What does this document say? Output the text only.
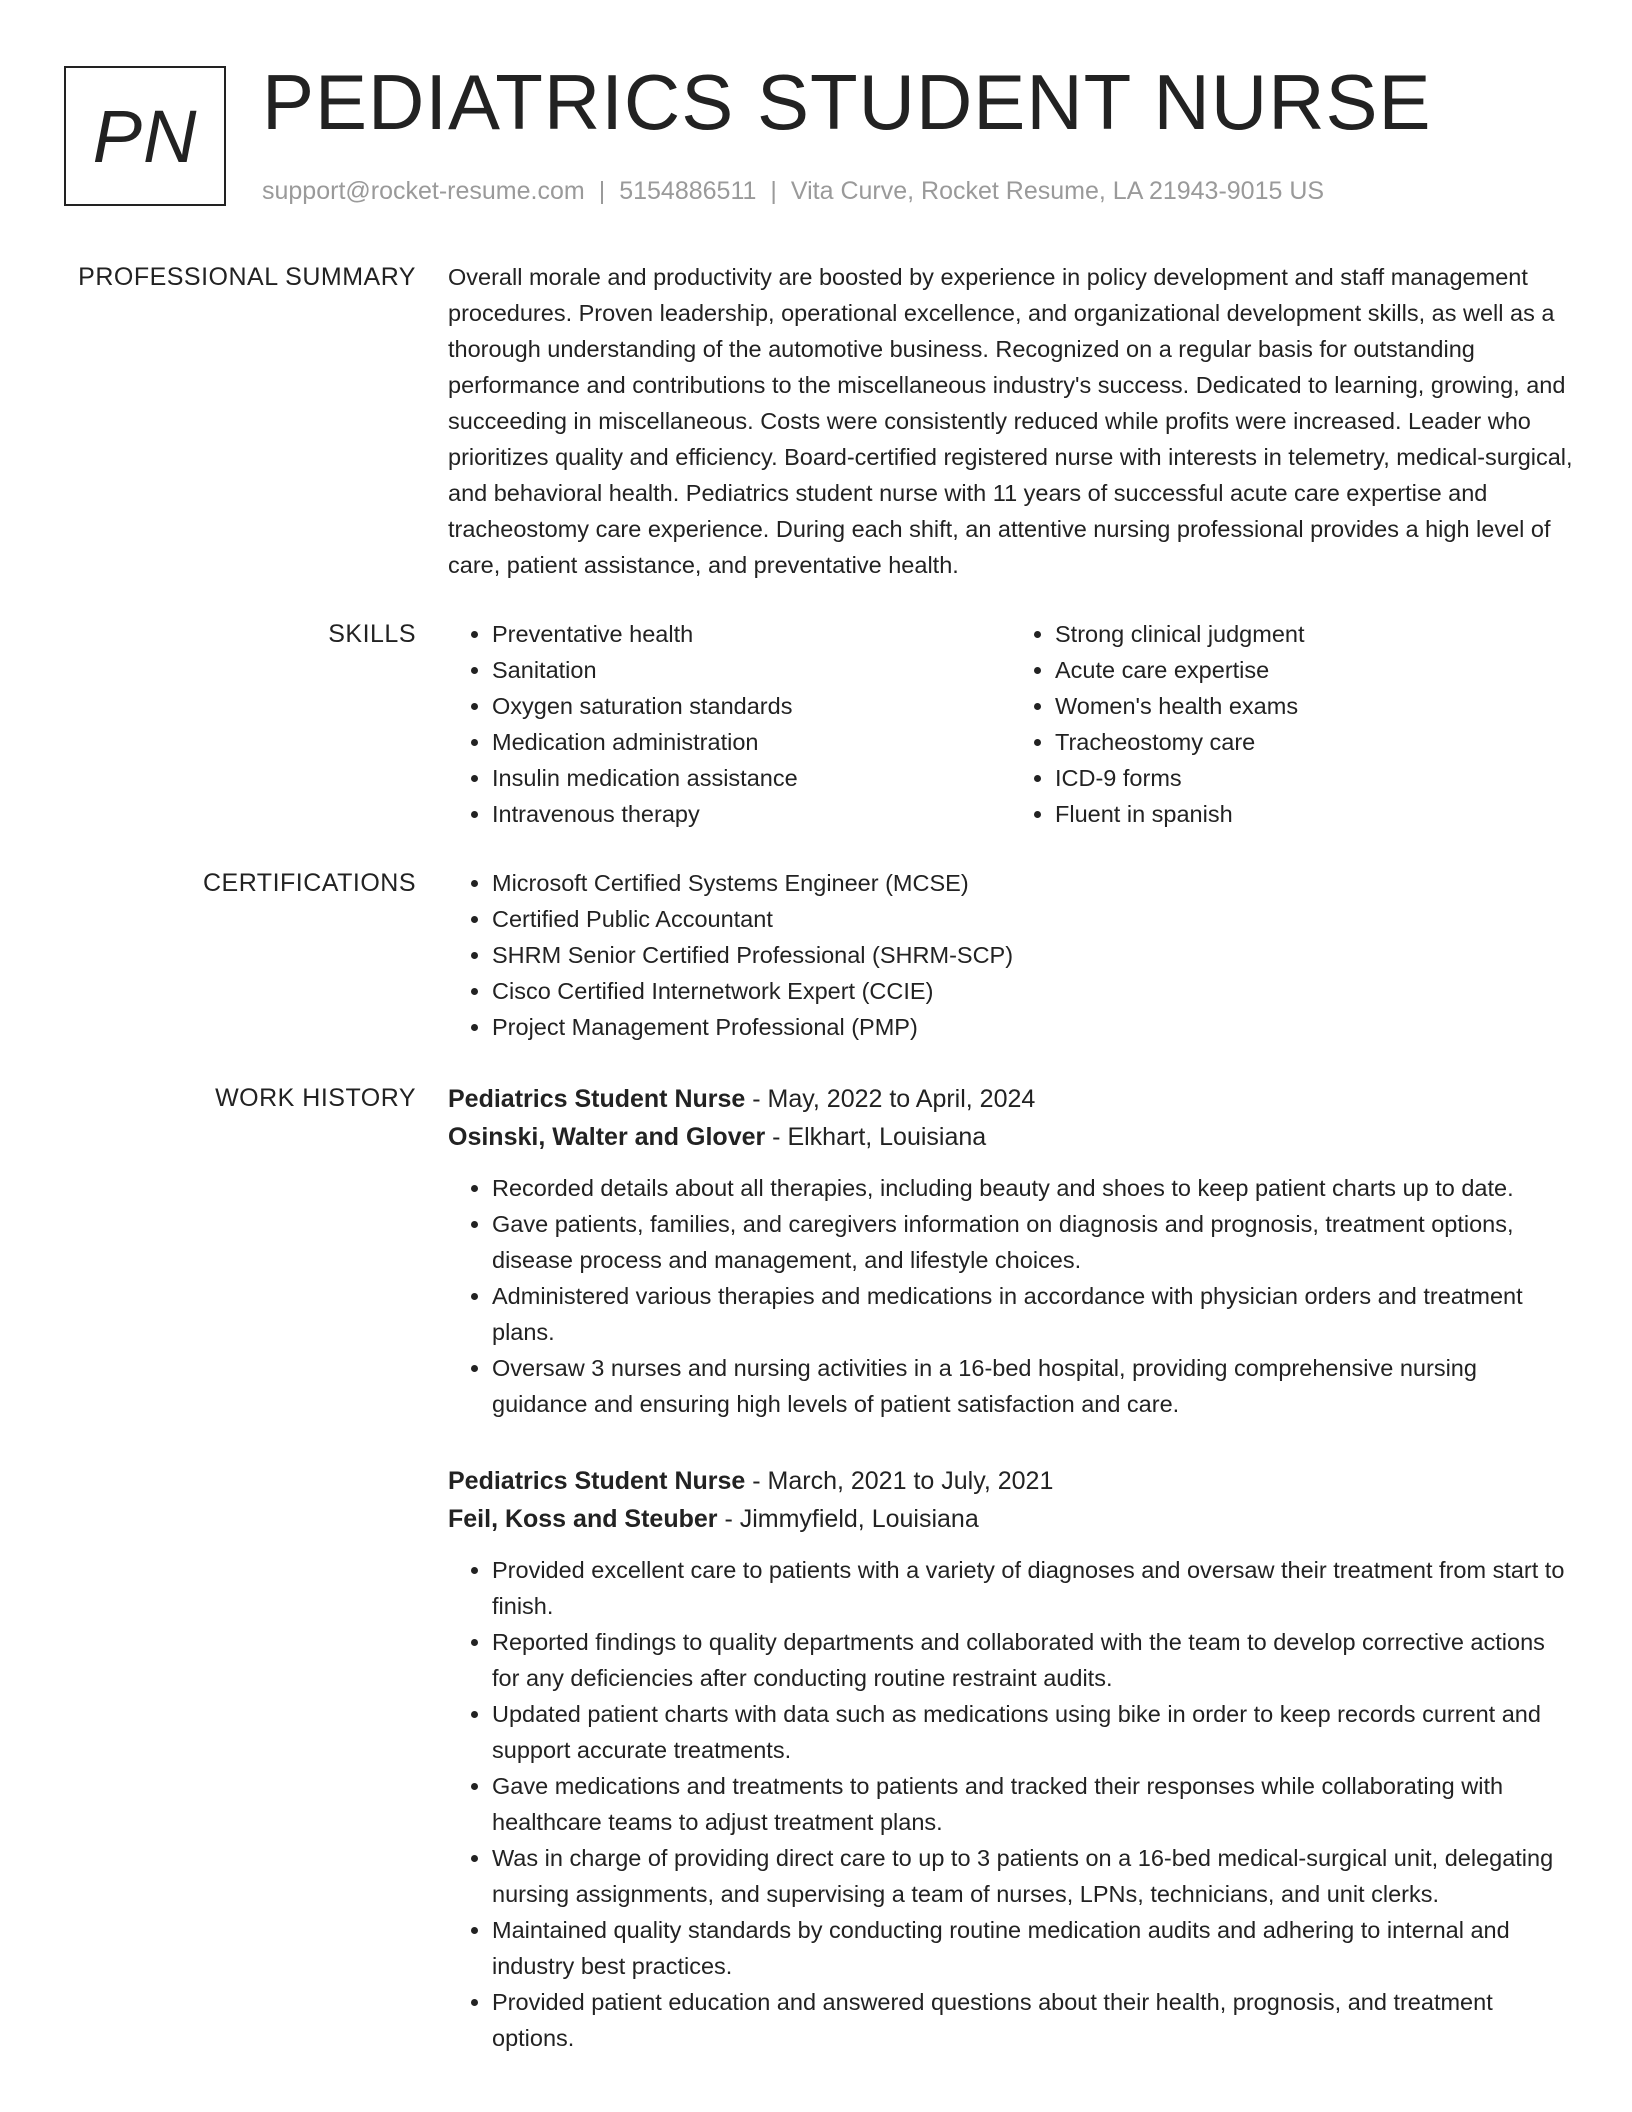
PN PEDIATRICS STUDENT NURSE
support@rocket-resume.com | 5154886511 | Vita Curve, Rocket Resume, LA 21943-9015 US
PROFESSIONAL SUMMARY Overall morale and productivity are boosted by experience in policy development and staff management procedures. Proven leadership, operational excellence, and organizational development skills, as well as a thorough understanding of the automotive business. Recognized on a regular basis for outstanding performance and contributions to the miscellaneous industry's success. Dedicated to learning, growing, and succeeding in miscellaneous. Costs were consistently reduced while profits were increased. Leader who prioritizes quality and efficiency. Board-certified registered nurse with interests in telemetry, medical-surgical, and behavioral health. Pediatrics student nurse with 11 years of successful acute care expertise and tracheostomy care experience. During each shift, an attentive nursing professional provides a high level of care, patient assistance, and preventative health.

SKILLS	• Preventative health
• Sanitation
• Oxygen saturation standards
• Medication administration
• Insulin medication assistance
• Intravenous therapy
• Strong clinical judgment
• Acute care expertise
• Women's health exams
• Tracheostomy care
• ICD-9 forms
• Fluent in spanish
CERTIFICATIONS	• Microsoft Certified Systems Engineer (MCSE)
• Certified Public Accountant
• SHRM Senior Certified Professional (SHRM-SCP)
• Cisco Certified Internetwork Expert (CCIE)
• Project Management Professional (PMP)
WORK HISTORY Pediatrics Student Nurse - May, 2022 to April, 2024
Osinski, Walter and Glover - Elkhart, Louisiana
• Recorded details about all therapies, including beauty and shoes to keep patient charts up to date.
• Gave patients, families, and caregivers information on diagnosis and prognosis, treatment options, disease process and management, and lifestyle choices.
• Administered various therapies and medications in accordance with physician orders and treatment plans.
• Oversaw 3 nurses and nursing activities in a 16-bed hospital, providing comprehensive nursing guidance and ensuring high levels of patient satisfaction and care.
Pediatrics Student Nurse - March, 2021 to July, 2021
Feil, Koss and Steuber - Jimmyfield, Louisiana
• Provided excellent care to patients with a variety of diagnoses and oversaw their treatment from start to finish.
• Reported findings to quality departments and collaborated with the team to develop corrective actions for any deficiencies after conducting routine restraint audits.
• Updated patient charts with data such as medications using bike in order to keep records current and support accurate treatments.
• Gave medications and treatments to patients and tracked their responses while collaborating with healthcare teams to adjust treatment plans.
• Was in charge of providing direct care to up to 3 patients on a 16-bed medical-surgical unit, delegating nursing assignments, and supervising a team of nurses, LPNs, technicians, and unit clerks.
• Maintained quality standards by conducting routine medication audits and adhering to internal and industry best practices.
• Provided patient education and answered questions about their health, prognosis, and treatment options.
